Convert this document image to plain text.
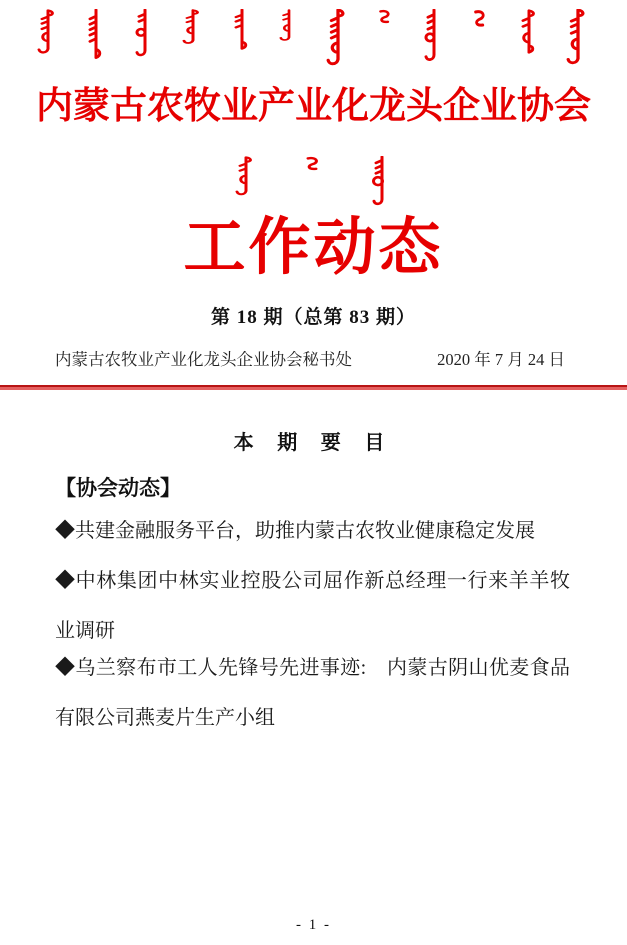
内蒙古农牧业产业化龙头企业协会
工作动态
第 18 期（总第 83 期）
内蒙古农牧业产业化龙头企业协会秘书处	2020 年 7 月 24 日
本 期 要 目
【协会动态】

◆共建金融服务平台，助推内蒙古农牧业健康稳定发展

◆中林集团中林实业控股公司屈作新总经理一行来羊羊牧业调研

◆乌兰察布市工人先锋号先进事迹:　内蒙古阴山优麦食品有限公司燕麦片生产小组

- 1 -
